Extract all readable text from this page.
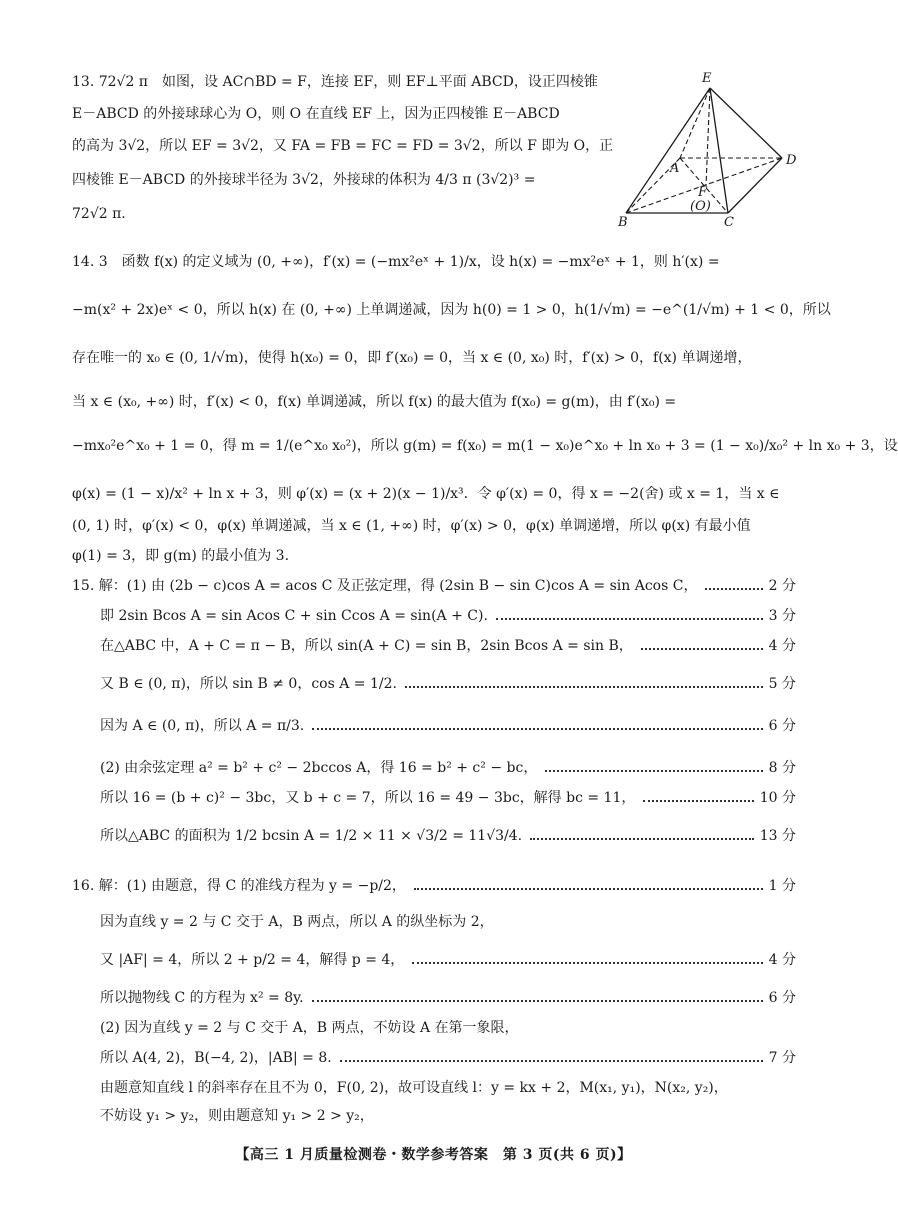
13. 72√2 π　如图，设 AC∩BD = F，连接 EF，则 EF⊥平面 ABCD，设正四棱锥
E－ABCD 的外接球球心为 O，则 O 在直线 EF 上，因为正四棱锥 E－ABCD
的高为 3√2，所以 EF = 3√2，又 FA = FB = FC = FD = 3√2，所以 F 即为 O，正
四棱锥 E－ABCD 的外接球半径为 3√2，外接球的体积为 4/3 π (3√2)³ =
72√2 π.
E
A
B	C
D
F
(O)
14. 3　函数 f(x) 的定义域为 (0, +∞)，f′(x) = (−mx²eˣ + 1)/x，设 h(x) = −mx²eˣ + 1，则 h′(x) =
−m(x² + 2x)eˣ < 0，所以 h(x) 在 (0, +∞) 上单调递减，因为 h(0) = 1 > 0，h(1/√m) = −e^(1/√m) + 1 < 0，所以
存在唯一的 x₀ ∈ (0, 1/√m)，使得 h(x₀) = 0，即 f′(x₀) = 0，当 x ∈ (0, x₀) 时，f′(x) > 0，f(x) 单调递增，
当 x ∈ (x₀, +∞) 时，f′(x) < 0，f(x) 单调递减，所以 f(x) 的最大值为 f(x₀) = g(m)，由 f′(x₀) =
−mx₀²e^x₀ + 1 = 0，得 m = 1/(e^x₀ x₀²)，所以 g(m) = f(x₀) = m(1 − x₀)e^x₀ + ln x₀ + 3 = (1 − x₀)/x₀² + ln x₀ + 3，设
φ(x) = (1 − x)/x² + ln x + 3，则 φ′(x) = (x + 2)(x − 1)/x³．令 φ′(x) = 0，得 x = −2(舍) 或 x = 1，当 x ∈
(0, 1) 时，φ′(x) < 0，φ(x) 单调递减，当 x ∈ (1, +∞) 时，φ′(x) > 0，φ(x) 单调递增，所以 φ(x) 有最小值
φ(1) = 3，即 g(m) 的最小值为 3.
15. 解：(1) 由 (2b − c)cos A = acos C 及正弦定理，得 (2sin B − sin C)cos A = sin Acos C，	2 分
即 2sin Bcos A = sin Acos C + sin Ccos A = sin(A + C).	3 分
在△ABC 中，A + C = π − B，所以 sin(A + C) = sin B，2sin Bcos A = sin B，	4 分
又 B ∈ (0, π)，所以 sin B ≠ 0，cos A = 1/2.	5 分
因为 A ∈ (0, π)，所以 A = π/3.	6 分
(2) 由余弦定理 a² = b² + c² − 2bccos A，得 16 = b² + c² − bc，	8 分
所以 16 = (b + c)² − 3bc，又 b + c = 7，所以 16 = 49 − 3bc，解得 bc = 11，	10 分
所以△ABC 的面积为 1/2 bcsin A = 1/2 × 11 × √3/2 = 11√3/4.	13 分
16. 解：(1) 由题意，得 C 的准线方程为 y = −p/2，	1 分
因为直线 y = 2 与 C 交于 A，B 两点，所以 A 的纵坐标为 2，
又 |AF| = 4，所以 2 + p/2 = 4，解得 p = 4，	4 分
所以抛物线 C 的方程为 x² = 8y.	6 分
(2) 因为直线 y = 2 与 C 交于 A，B 两点，不妨设 A 在第一象限，
所以 A(4, 2)，B(−4, 2)，|AB| = 8.	7 分
由题意知直线 l 的斜率存在且不为 0，F(0, 2)，故可设直线 l：y = kx + 2，M(x₁, y₁)，N(x₂, y₂)，
不妨设 y₁ > y₂，则由题意知 y₁ > 2 > y₂，
【高三 1 月质量检测卷・数学参考答案　第 3 页(共 6 页)】
